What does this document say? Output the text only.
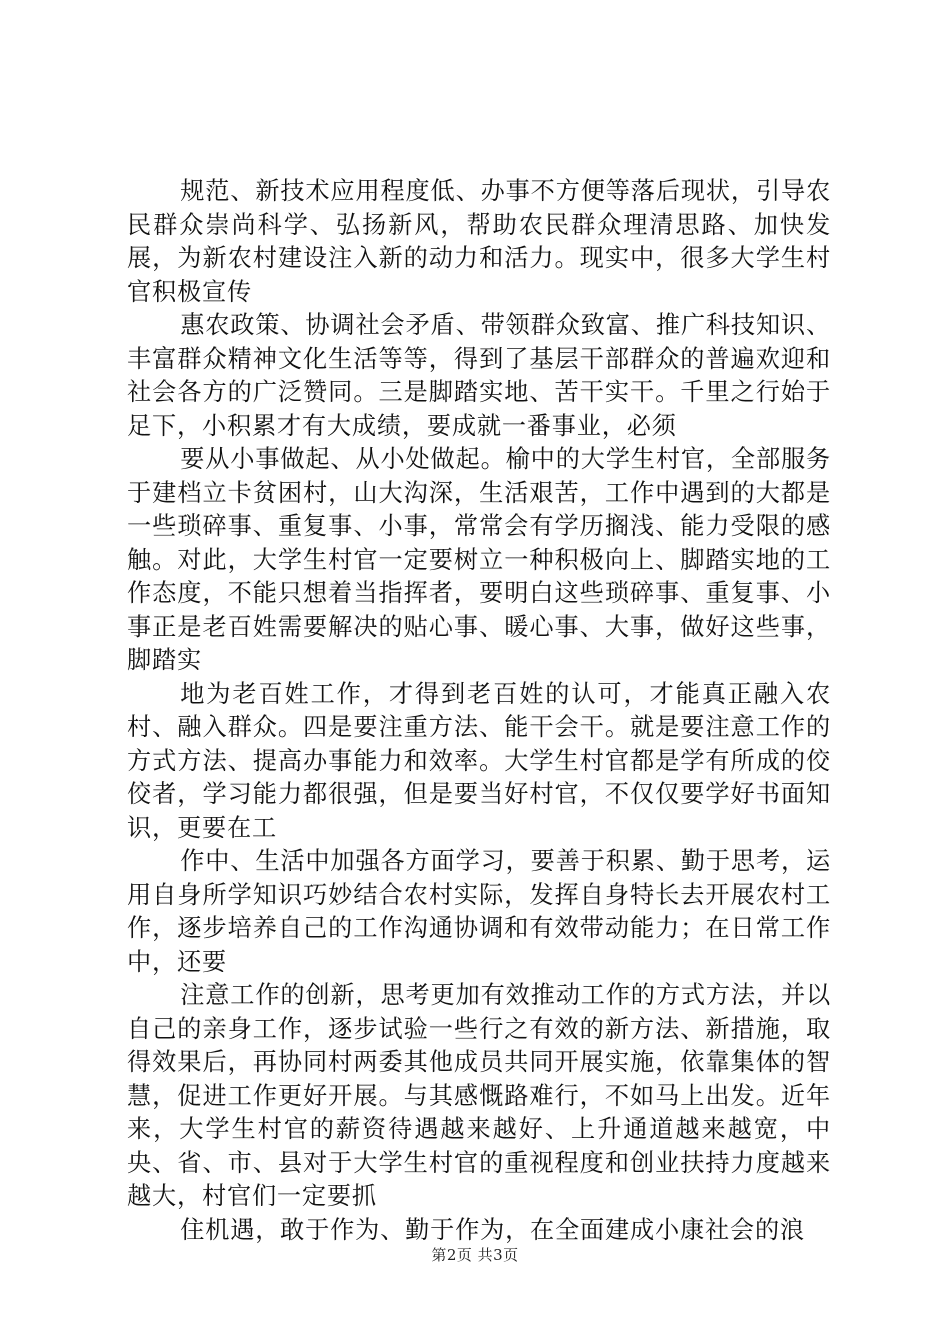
规范、新技术应用程度低、办事不方便等落后现状，引导农民群众崇尚科学、弘扬新风，帮助农民群众理清思路、加快发展，为新农村建设注入新的动力和活力。现实中，很多大学生村官积极宣传

惠农政策、协调社会矛盾、带领群众致富、推广科技知识、丰富群众精神文化生活等等，得到了基层干部群众的普遍欢迎和社会各方的广泛赞同。三是脚踏实地、苦干实干。千里之行始于足下，小积累才有大成绩，要成就一番事业，必须

要从小事做起、从小处做起。榆中的大学生村官，全部服务于建档立卡贫困村，山大沟深，生活艰苦，工作中遇到的大都是一些琐碎事、重复事、小事，常常会有学历搁浅、能力受限的感触。对此，大学生村官一定要树立一种积极向上、脚踏实地的工作态度，不能只想着当指挥者，要明白这些琐碎事、重复事、小事正是老百姓需要解决的贴心事、暖心事、大事，做好这些事，脚踏实

地为老百姓工作，才得到老百姓的认可，才能真正融入农村、融入群众。四是要注重方法、能干会干。就是要注意工作的方式方法、提高办事能力和效率。大学生村官都是学有所成的佼佼者，学习能力都很强，但是要当好村官，不仅仅要学好书面知识，更要在工

作中、生活中加强各方面学习，要善于积累、勤于思考，运用自身所学知识巧妙结合农村实际，发挥自身特长去开展农村工作，逐步培养自己的工作沟通协调和有效带动能力；在日常工作中，还要

注意工作的创新，思考更加有效推动工作的方式方法，并以自己的亲身工作，逐步试验一些行之有效的新方法、新措施，取得效果后，再协同村两委其他成员共同开展实施，依靠集体的智慧，促进工作更好开展。与其感慨路难行，不如马上出发。近年来，大学生村官的薪资待遇越来越好、上升通道越来越宽，中央、省、市、县对于大学生村官的重视程度和创业扶持力度越来越大，村官们一定要抓

住机遇，敢于作为、勤于作为，在全面建成小康社会的浪

第2页 共3页
